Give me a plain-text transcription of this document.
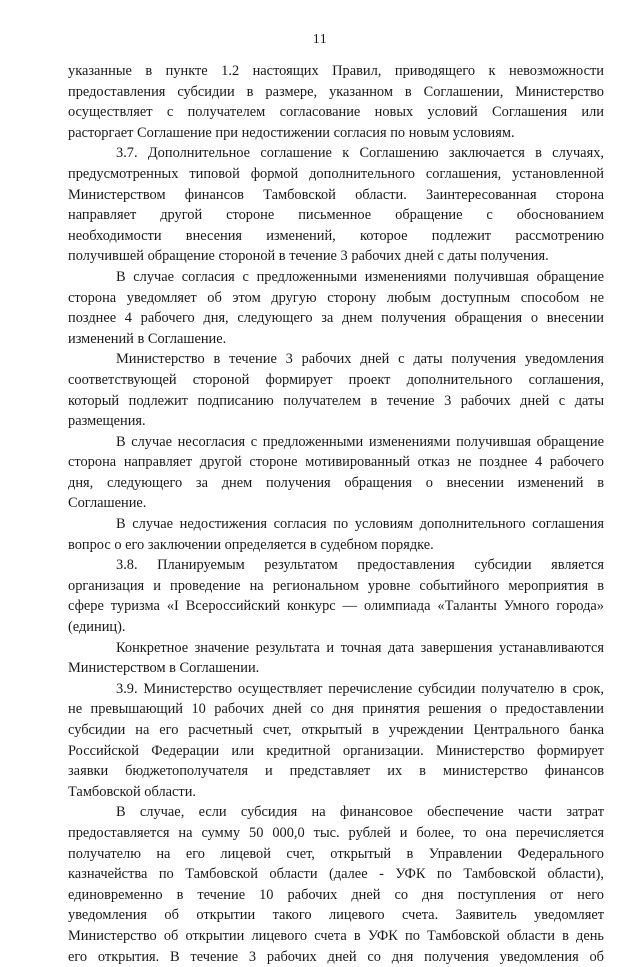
11
указанные в пункте 1.2 настоящих Правил, приводящего к невозможности
предоставления субсидии в размере, указанном в Соглашении, Министерство
осуществляет с получателем согласование новых условий Соглашения или
расторгает Соглашение при недостижении согласия по новым условиям.
3.7. Дополнительное соглашение к Соглашению заключается в случаях,
предусмотренных типовой формой дополнительного соглашения, установленной
Министерством финансов Тамбовской области. Заинтересованная сторона
направляет другой стороне письменное обращение с обоснованием
необходимости внесения изменений, которое подлежит рассмотрению
получившей обращение стороной в течение 3 рабочих дней с даты получения.
В случае согласия с предложенными изменениями получившая обращение
сторона уведомляет об этом другую сторону любым доступным способом не
позднее 4 рабочего дня, следующего за днем получения обращения о внесении
изменений в Соглашение.
Министерство в течение 3 рабочих дней с даты получения уведомления
соответствующей стороной формирует проект дополнительного соглашения,
который подлежит подписанию получателем в течение 3 рабочих дней с даты
размещения.
В случае несогласия с предложенными изменениями получившая обращение
сторона направляет другой стороне мотивированный отказ не позднее 4 рабочего
дня, следующего за днем получения обращения о внесении изменений в
Соглашение.
В случае недостижения согласия по условиям дополнительного соглашения
вопрос о его заключении определяется в судебном порядке.
3.8. Планируемым результатом предоставления субсидии является
организация и проведение на региональном уровне событийного мероприятия в
сфере туризма «I Всероссийский конкурс — олимпиада «Таланты Умного города»
(единиц).
Конкретное значение результата и точная дата завершения устанавливаются
Министерством в Соглашении.
3.9. Министерство осуществляет перечисление субсидии получателю в срок,
не превышающий 10 рабочих дней со дня принятия решения о предоставлении
субсидии на его расчетный счет, открытый в учреждении Центрального банка
Российской Федерации или кредитной организации. Министерство формирует
заявки бюджетополучателя и представляет их в министерство финансов
Тамбовской области.
В случае, если субсидия на финансовое обеспечение части затрат
предоставляется на сумму 50 000,0 тыс. рублей и более, то она перечисляется
получателю на его лицевой счет, открытый в Управлении Федерального
казначейства по Тамбовской области (далее - УФК по Тамбовской области),
единовременно в течение 10 рабочих дней со дня поступления от него
уведомления об открытии такого лицевого счета. Заявитель уведомляет
Министерство об открытии лицевого счета в УФК по Тамбовской области в день
его открытия. В течение 3 рабочих дней со дня получения уведомления об
